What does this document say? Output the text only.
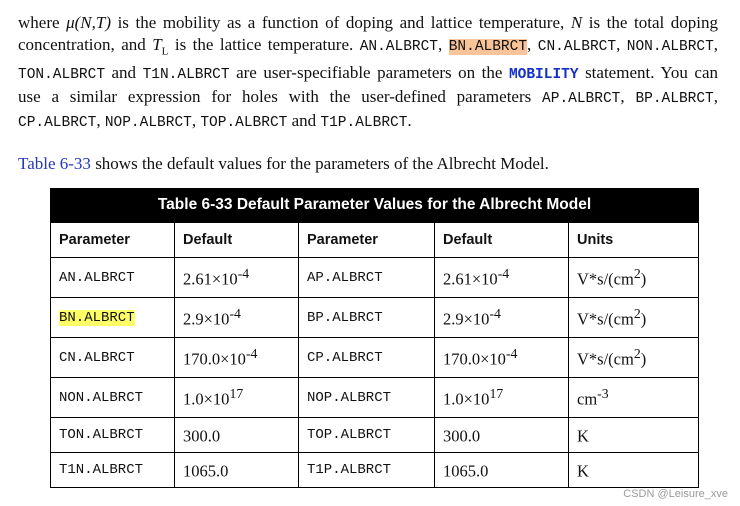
where μ(N,T) is the mobility as a function of doping and lattice temperature, N is the total doping concentration, and $T_L$ is the lattice temperature. AN.ALBRCT, BN.ALBRCT, CN.ALBRCT, NON.ALBRCT, TON.ALBRCT and T1N.ALBRCT are user-specifiable parameters on the MOBILITY statement. You can use a similar expression for holes with the user-defined parameters AP.ALBRCT, BP.ALBRCT, CP.ALBRCT, NOP.ALBRCT, TOP.ALBRCT and T1P.ALBRCT.
Table 6-33 shows the default values for the parameters of the Albrecht Model.
Table 6-33 Default Parameter Values for the Albrecht Model
Parameter	Default	Parameter	Default	Units
AN.ALBRCT	$2.61\times 10^{-4}$	AP.ALBRCT	$2.61\times 10^{-4}$	$V*s/(cm^2)$
BN.ALBRCT	$2.9\times 10^{-4}$	BP.ALBRCT	$2.9\times 10^{-4}$	$V*s/(cm^2)$
CN.ALBRCT	$170.0\times 10^{-4}$	CP.ALBRCT	$170.0\times 10^{-4}$	$V*s/(cm^2)$
NON.ALBRCT	$1.0\times 10^{17}$	NOP.ALBRCT	$1.0\times 10^{17}$	$cm^{-3}$
TON.ALBRCT	300.0	TOP.ALBRCT	300.0	K
T1N.ALBRCT	1065.0	T1P.ALBRCT	1065.0	K
CSDN @Leisure_xve
